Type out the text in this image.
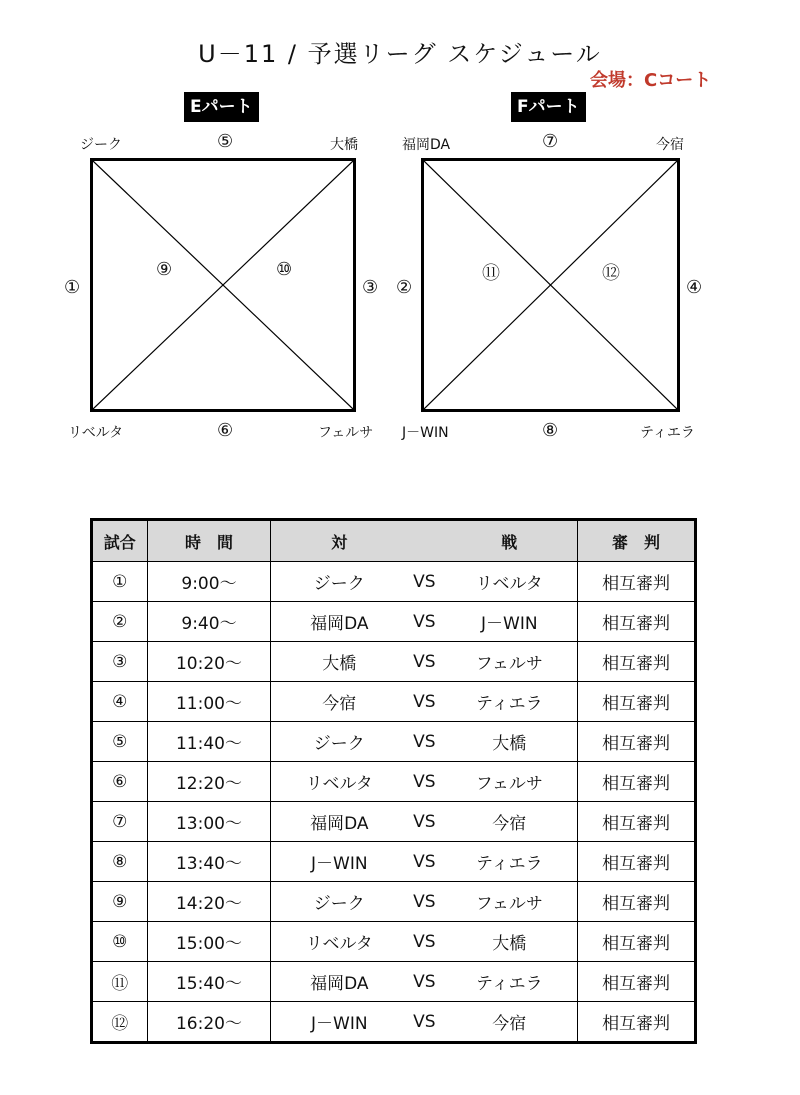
U－11 / 予選リーグ スケジュール
会場：Cコート
Eパート
ジーク	大橋
リベルタ	フェルサ
⑤
⑥
①	③
⑨	⑩
Fパート
福岡DA	今宿
J－WIN	ティエラ
⑦
⑧
②	④
⑪	⑫
試合	時　間	対 戦	審　判
①	9:00～	ジーク VS リベルタ	相互審判
②	9:40～	福岡DA VS J－WIN	相互審判
③	10:20～	大橋 VS フェルサ	相互審判
④	11:00～	今宿 VS ティエラ	相互審判
⑤	11:40～	ジーク VS 大橋	相互審判
⑥	12:20～	リベルタ VS フェルサ	相互審判
⑦	13:00～	福岡DA VS 今宿	相互審判
⑧	13:40～	J－WIN VS ティエラ	相互審判
⑨	14:20～	ジーク VS フェルサ	相互審判
⑩	15:00～	リベルタ VS 大橋	相互審判
⑪	15:40～	福岡DA VS ティエラ	相互審判
⑫	16:20～	J－WIN VS 今宿	相互審判
